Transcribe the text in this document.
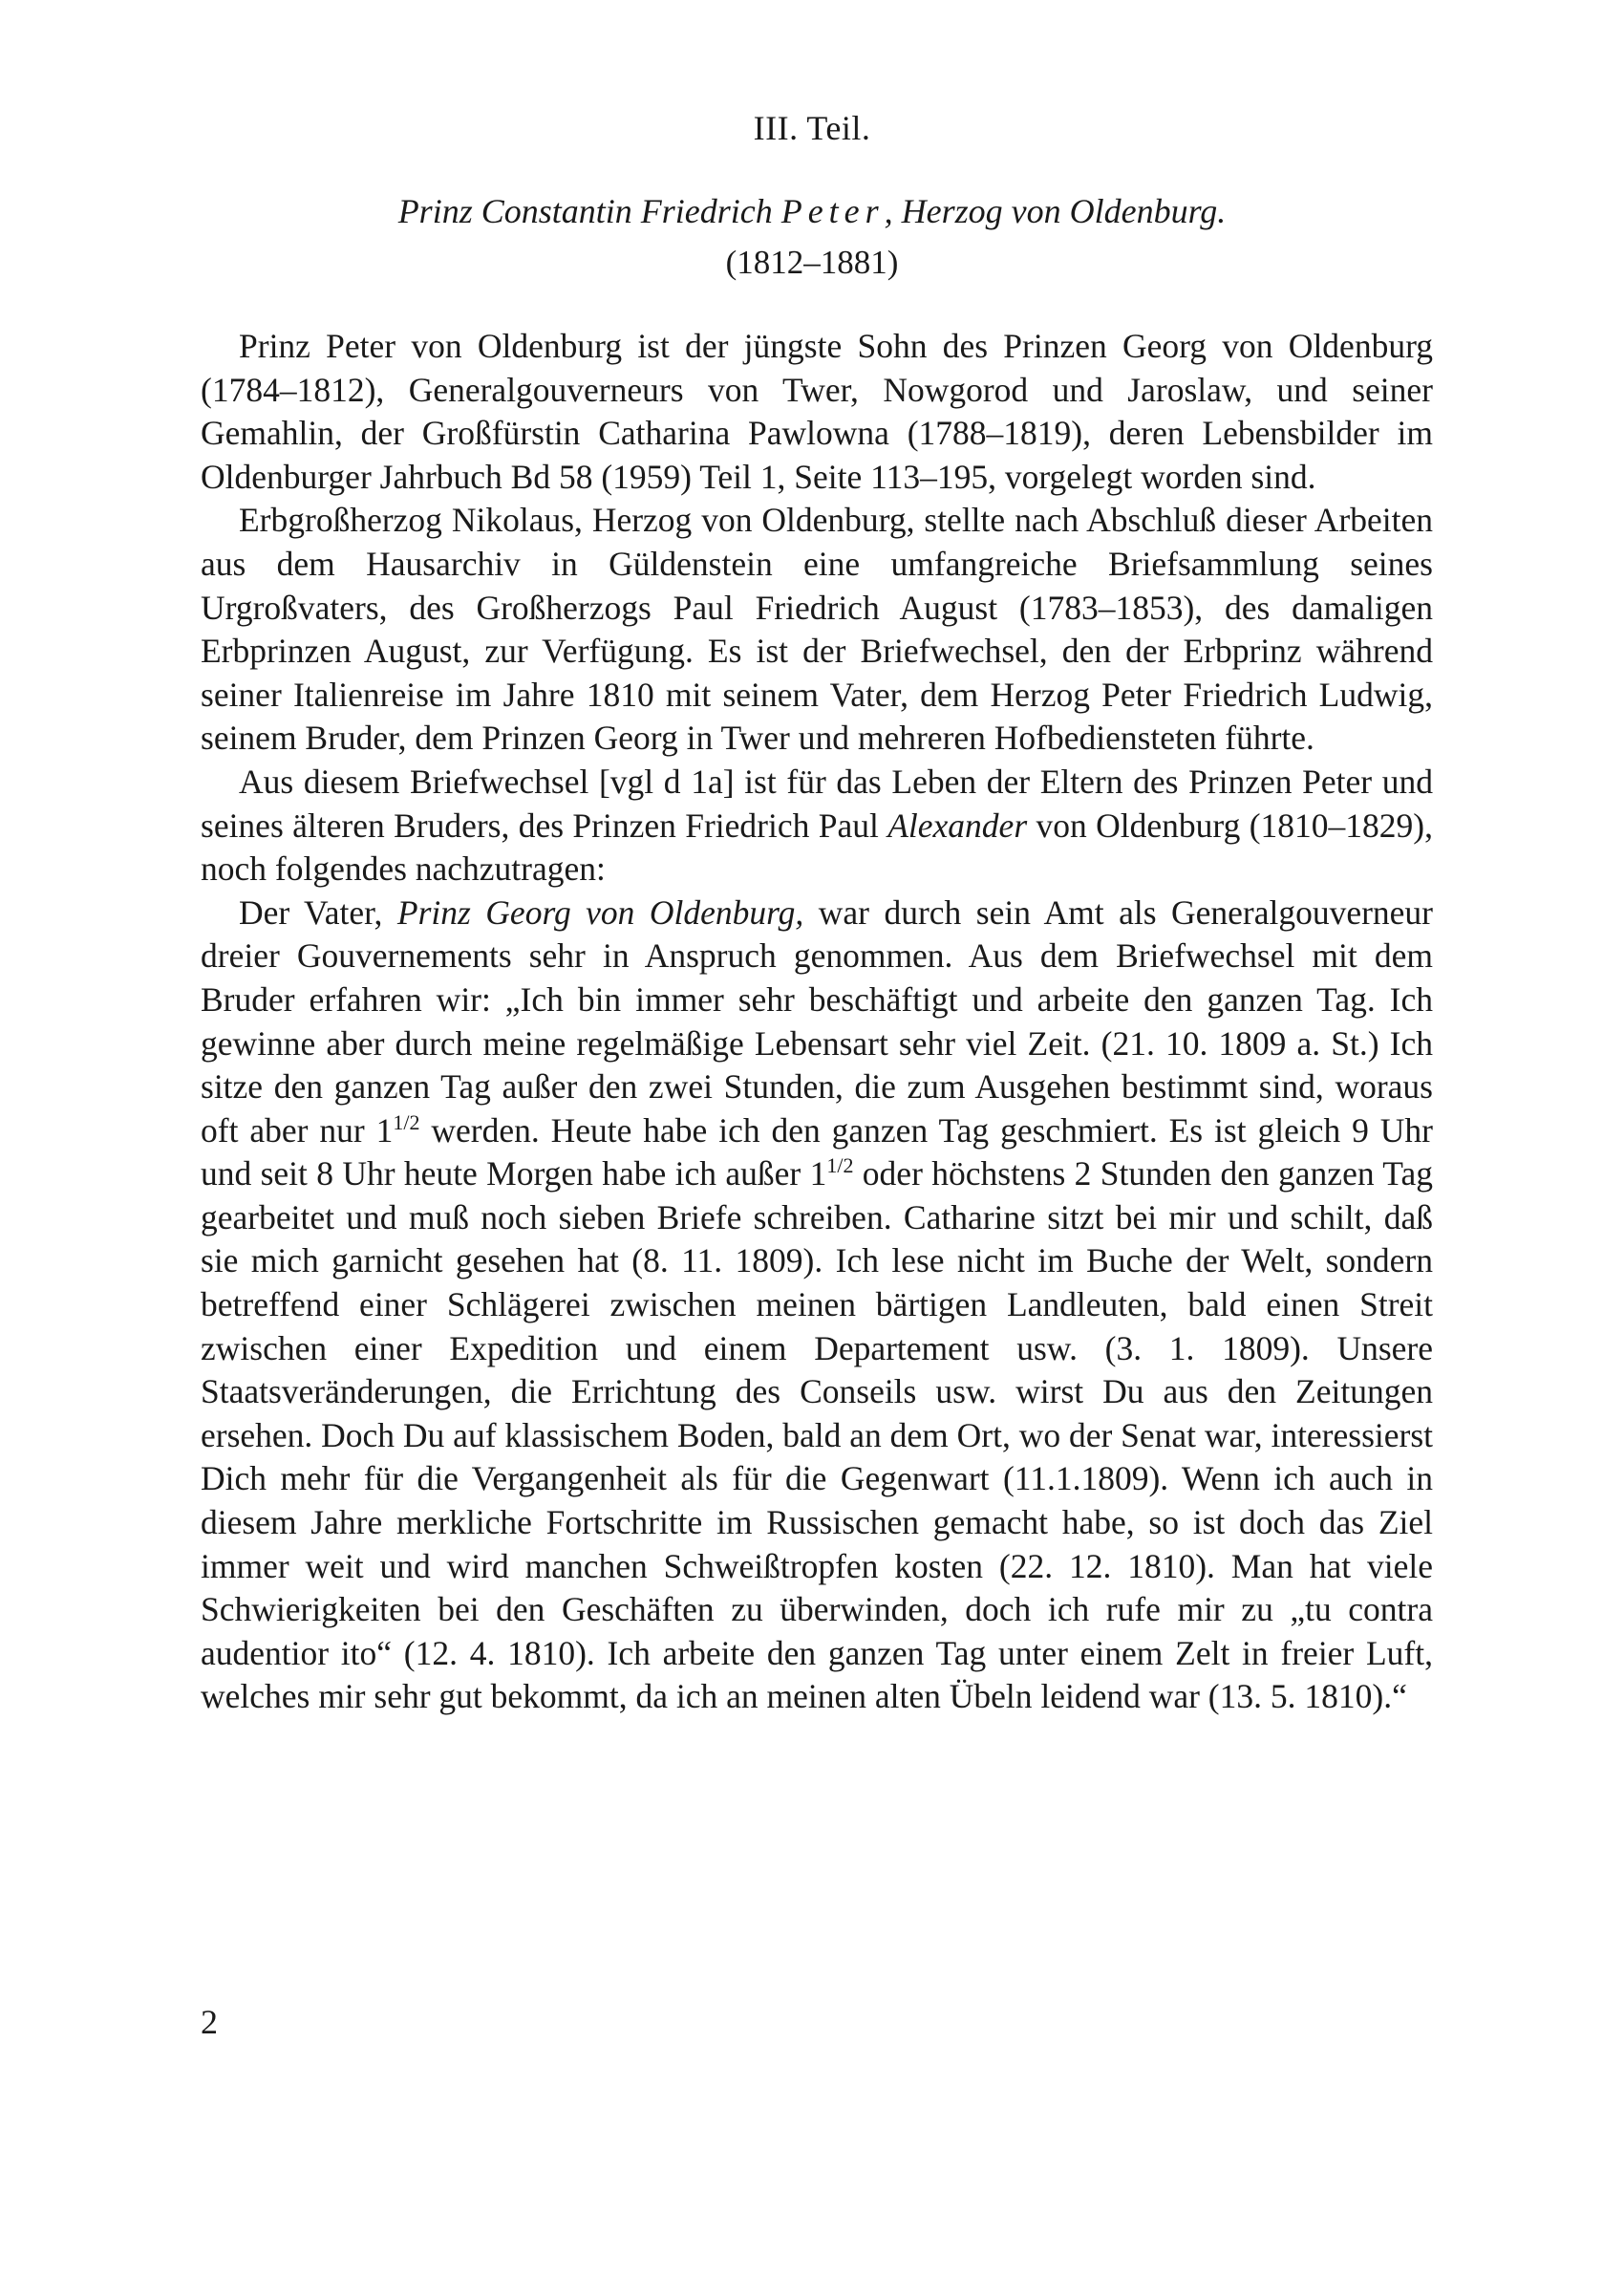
III. Teil.
Prinz Constantin Friedrich Peter, Herzog von Oldenburg.
(1812–1881)

Prinz Peter von Oldenburg ist der jüngste Sohn des Prinzen Georg von Oldenburg (1784–1812), Generalgouverneurs von Twer, Nowgorod und Jaroslaw, und seiner Gemahlin, der Großfürstin Catharina Pawlowna (1788–1819), deren Lebensbilder im Oldenburger Jahrbuch Bd 58 (1959) Teil 1, Seite 113–195, vorgelegt worden sind.

Erbgroßherzog Nikolaus, Herzog von Oldenburg, stellte nach Abschluß dieser Arbeiten aus dem Hausarchiv in Güldenstein eine umfangreiche Briefsammlung seines Urgroßvaters, des Großherzogs Paul Friedrich August (1783–1853), des damaligen Erbprinzen August, zur Verfügung. Es ist der Briefwechsel, den der Erbprinz während seiner Italienreise im Jahre 1810 mit seinem Vater, dem Herzog Peter Friedrich Ludwig, seinem Bruder, dem Prinzen Georg in Twer und mehreren Hofbediensteten führte.

Aus diesem Briefwechsel [vgl d 1a] ist für das Leben der Eltern des Prinzen Peter und seines älteren Bruders, des Prinzen Friedrich Paul Alexander von Oldenburg (1810–1829), noch folgendes nachzutragen:

Der Vater, Prinz Georg von Oldenburg, war durch sein Amt als Generalgouverneur dreier Gouvernements sehr in Anspruch genommen. Aus dem Briefwechsel mit dem Bruder erfahren wir: „Ich bin immer sehr beschäftigt und arbeite den ganzen Tag. Ich gewinne aber durch meine regelmäßige Lebensart sehr viel Zeit. (21. 10. 1809 a. St.) Ich sitze den ganzen Tag außer den zwei Stunden, die zum Ausgehen bestimmt sind, woraus oft aber nur $1^{1/2}$ werden. Heute habe ich den ganzen Tag geschmiert. Es ist gleich 9 Uhr und seit 8 Uhr heute Morgen habe ich außer $1^{1/2}$ oder höchstens 2 Stunden den ganzen Tag gearbeitet und muß noch sieben Briefe schreiben. Catharine sitzt bei mir und schilt, daß sie mich garnicht gesehen hat (8. 11. 1809). Ich lese nicht im Buche der Welt, sondern betreffend einer Schlägerei zwischen meinen bärtigen Landleuten, bald einen Streit zwischen einer Expedition und einem Departement usw. (3. 1. 1809). Unsere Staatsveränderungen, die Errichtung des Conseils usw. wirst Du aus den Zeitungen ersehen. Doch Du auf klassischem Boden, bald an dem Ort, wo der Senat war, interessierst Dich mehr für die Vergangenheit als für die Gegenwart (11.1.1809). Wenn ich auch in diesem Jahre merkliche Fortschritte im Russischen gemacht habe, so ist doch das Ziel immer weit und wird manchen Schweißtropfen kosten (22. 12. 1810). Man hat viele Schwierigkeiten bei den Geschäften zu überwinden, doch ich rufe mir zu „tu contra audentior ito“ (12. 4. 1810). Ich arbeite den ganzen Tag unter einem Zelt in freier Luft, welches mir sehr gut bekommt, da ich an meinen alten Übeln leidend war (13. 5. 1810).“

2
